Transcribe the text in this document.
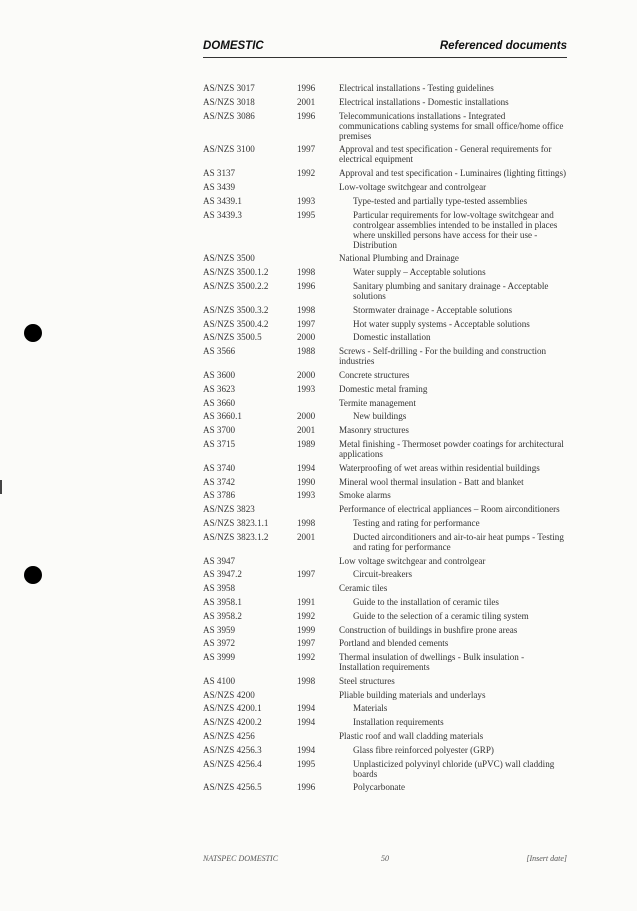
DOMESTIC	Referenced documents
AS/NZS 3017	1996	Electrical installations - Testing guidelines
AS/NZS 3018	2001	Electrical installations - Domestic installations
AS/NZS 3086	1996	Telecommunications installations - Integrated communications cabling systems for small office/home office premises
AS/NZS 3100	1997	Approval and test specification - General requirements for electrical equipment
AS 3137	1992	Approval and test specification - Luminaires (lighting fittings)
AS 3439	Low-voltage switchgear and controlgear
AS 3439.1	1993	Type-tested and partially type-tested assemblies
AS 3439.3	1995	Particular requirements for low-voltage switchgear and controlgear assemblies intended to be installed in places where unskilled persons have access for their use - Distribution
AS/NZS 3500	National Plumbing and Drainage
AS/NZS 3500.1.2	1998	Water supply – Acceptable solutions
AS/NZS 3500.2.2	1996	Sanitary plumbing and sanitary drainage - Acceptable solutions
AS/NZS 3500.3.2	1998	Stormwater drainage - Acceptable solutions
AS/NZS 3500.4.2	1997	Hot water supply systems - Acceptable solutions
AS/NZS 3500.5	2000	Domestic installation
AS 3566	1988	Screws - Self-drilling - For the building and construction industries
AS 3600	2000	Concrete structures
AS 3623	1993	Domestic metal framing
AS 3660	Termite management
AS 3660.1	2000	New buildings
AS 3700	2001	Masonry structures
AS 3715	1989	Metal finishing - Thermoset powder coatings for architectural applications
AS 3740	1994	Waterproofing of wet areas within residential buildings
AS 3742	1990	Mineral wool thermal insulation - Batt and blanket
AS 3786	1993	Smoke alarms
AS/NZS 3823	Performance of electrical appliances – Room airconditioners
AS/NZS 3823.1.1	1998	Testing and rating for performance
AS/NZS 3823.1.2	2001	Ducted airconditioners and air-to-air heat pumps - Testing and rating for performance
AS 3947	Low voltage switchgear and controlgear
AS 3947.2	1997	Circuit-breakers
AS 3958	Ceramic tiles
AS 3958.1	1991	Guide to the installation of ceramic tiles
AS 3958.2	1992	Guide to the selection of a ceramic tiling system
AS 3959	1999	Construction of buildings in bushfire prone areas
AS 3972	1997	Portland and blended cements
AS 3999	1992	Thermal insulation of dwellings - Bulk insulation - Installation requirements
AS 4100	1998	Steel structures
AS/NZS 4200	Pliable building materials and underlays
AS/NZS 4200.1	1994	Materials
AS/NZS 4200.2	1994	Installation requirements
AS/NZS 4256	Plastic roof and wall cladding materials
AS/NZS 4256.3	1994	Glass fibre reinforced polyester (GRP)
AS/NZS 4256.4	1995	Unplasticized polyvinyl chloride (uPVC) wall cladding boards
AS/NZS 4256.5	1996	Polycarbonate
NATSPEC DOMESTIC	50	[Insert date]
